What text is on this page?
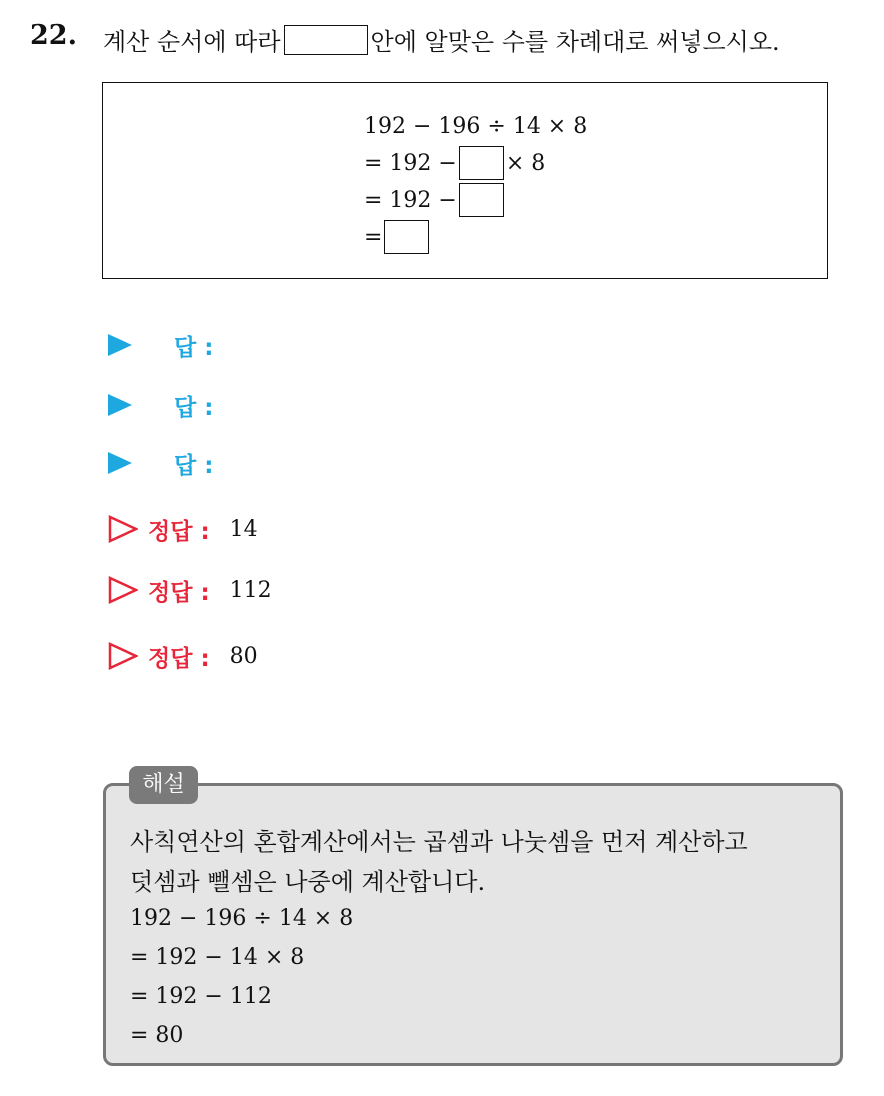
22. 계산 순서에 따라	안에 알맞은 수를 차례대로 써넣으시오.
192 − 196 ÷ 14 × 8
= 192 − × 8
= 192 −
=
답 :
답 :
답 :
정답 : 14
정답 : 112
정답 : 80
해설
사칙연산의 혼합계산에서는 곱셈과 나눗셈을 먼저 계산하고
덧셈과 뺄셈은 나중에 계산합니다.
192 − 196 ÷ 14 × 8
= 192 − 14 × 8
= 192 − 112
= 80
